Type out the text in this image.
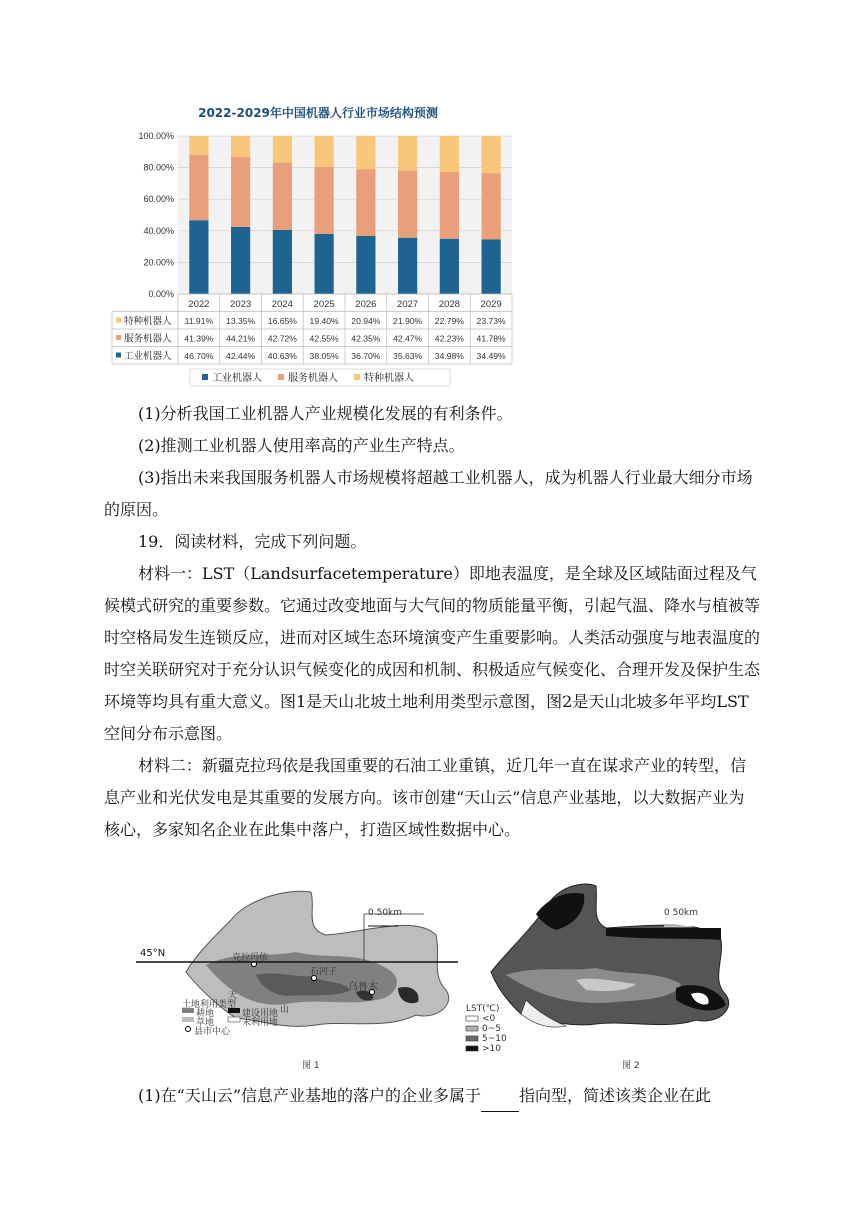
2022-2029年中国机器人行业市场结构预测
100.00%
80.00%
60.00%
40.00%
20.00%
0.00%
2022 2023 2024 2025 2026 2027 2028 2029
特种机器人 11.91% 13.35% 16.65% 19.40% 20.94% 21.90% 22.79% 23.73%
服务机器人 41.39% 44.21% 42.72% 42.55% 42.35% 42.47% 42.23% 41.78%
工业机器人 46.70% 42.44% 40.63% 38.05% 36.70% 35.63% 34.98% 34.49%
工业机器人	服务机器人	特种机器人

(1)分析我国工业机器人产业规模化发展的有利条件。

(2)推测工业机器人使用率高的产业生产特点。

(3)指出未来我国服务机器人市场规模将超越工业机器人，成为机器人行业最大细分市场的原因。

19．阅读材料，完成下列问题。

材料一：LST（Landsurfacetemperature）即地表温度，是全球及区域陆面过程及气候模式研究的重要参数。它通过改变地面与大气间的物质能量平衡，引起气温、降水与植被等时空格局发生连锁反应，进而对区域生态环境演变产生重要影响。人类活动强度与地表温度的时空关联研究对于充分认识气候变化的成因和机制、积极适应气候变化、合理开发及保护生态环境等均具有重大意义。图1是天山北坡土地利用类型示意图，图2是天山北坡多年平均LST空间分布示意图。

材料二：新疆克拉玛依是我国重要的石油工业重镇，近几年一直在谋求产业的转型，信息产业和光伏发电是其重要的发展方向。该市创建“天山云”信息产业基地，以大数据产业为核心，多家知名企业在此集中落户，打造区域性数据中心。

0 50km
45°N	克拉玛依
石河子
乌鲁木
天
山
土地利用类型
耕地	建设用地
草地	未利用地
县市中心
图 1
0 50km
LST(℃)
<0
0~5
5~10
>10
图 2

(1)在“天山云”信息产业基地的落户的企业多属于 指向型，简述该类企业在此
